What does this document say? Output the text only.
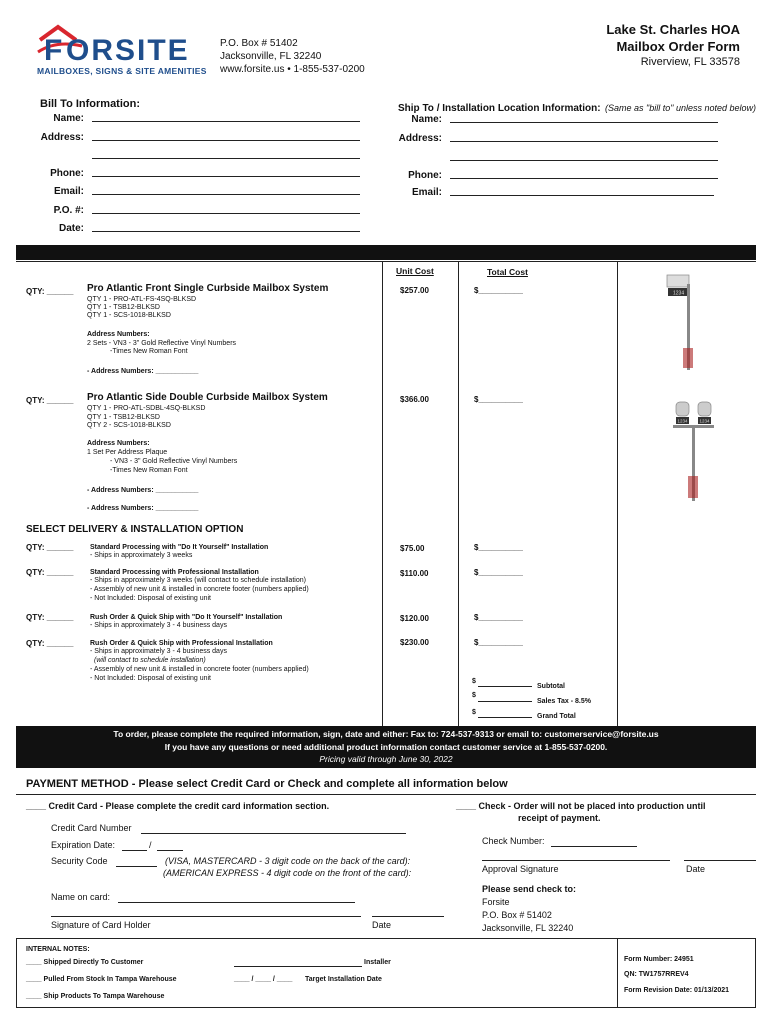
F ORSITE
MAILBOXES, SIGNS & SITE AMENITIES
P.O. Box # 51402
Jacksonville, FL 32240
www.forsite.us • 1-855-537-0200
Lake St. Charles HOA
Mailbox Order Form
Riverview, FL 33578
Bill To Information:
Name:
Address:
Phone:
Email:
P.O. #:
Date:
Ship To / Installation Location Information: (Same as "bill to" unless noted below)
Name:
Address:
Phone:
Email:
Unit Cost	Total Cost
QTY: ______ Pro Atlantic Front Single Curbside Mailbox System
QTY 1 - PRO-ATL-FS-4SQ-BLKSD
QTY 1 - TSB12-BLKSD
QTY 1 - SCS-1018-BLKSD
Address Numbers:
2 Sets - VN3 - 3" Gold Reflective Vinyl Numbers
-Times New Roman Font
- Address Numbers: ___________
$257.00	$__________	1234
QTY: ______ Pro Atlantic Side Double Curbside Mailbox System
QTY 1 - PRO-ATL-SDBL-4SQ-BLKSD
QTY 1 - TSB12-BLKSD
QTY 2 - SCS-1018-BLKSD
Address Numbers:
1 Set Per Address Plaque
- VN3 - 3" Gold Reflective Vinyl Numbers
-Times New Roman Font
- Address Numbers: ___________
- Address Numbers: ___________
$366.00	$__________
1234	1234
SELECT DELIVERY & INSTALLATION OPTION
QTY: ______ Standard Processing with "Do It Yourself" Installation
- Ships in approximately 3 weeks
$75.00	$__________
QTY: ______ Standard Processing with Professional Installation
- Ships in approximately 3 weeks (will contact to schedule installation)
- Assembly of new unit & installed in concrete footer (numbers applied)
- Not Included: Disposal of existing unit
$110.00	$__________
QTY: ______ Rush Order & Quick Ship with "Do It Yourself" Installation
- Ships in approximately 3 - 4 business days
$120.00	$__________
QTY: ______ Rush Order & Quick Ship with Professional Installation
- Ships in approximately 3 - 4 business days
(will contact to schedule installation)
- Assembly of new unit & installed in concrete footer (numbers applied)
- Not Included: Disposal of existing unit
$230.00	$__________
$
Subtotal
$
Sales Tax - 8.5%
$
Grand Total
To order, please complete the required information, sign, date and either: Fax to: 724-537-9313 or email to: customerservice@forsite.us
If you have any questions or need additional product information contact customer service at 1-855-537-0200.
Pricing valid through June 30, 2022
PAYMENT METHOD - Please select Credit Card or Check and complete all information below
____ Credit Card - Please complete the credit card information section.
Credit Card Number
Expiration Date:	/
Security Code	(VISA, MASTERCARD - 3 digit code on the back of the card):
(AMERICAN EXPRESS - 4 digit code on the front of the card):
Name on card:
Signature of Card Holder	Date
____ Check - Order will not be placed into production until
receipt of payment.
Check Number:
Approval Signature	Date
Please send check to:
Forsite
P.O. Box # 51402
Jacksonville, FL 32240
INTERNAL NOTES:
____ Shipped Directly To Customer
____ Pulled From Stock In Tampa Warehouse
____ Ship Products To Tampa Warehouse
Installer
____ / ____ / ____ Target Installation Date
Form Number: 24951
QN: TW1757RREV4
Form Revision Date: 01/13/2021
